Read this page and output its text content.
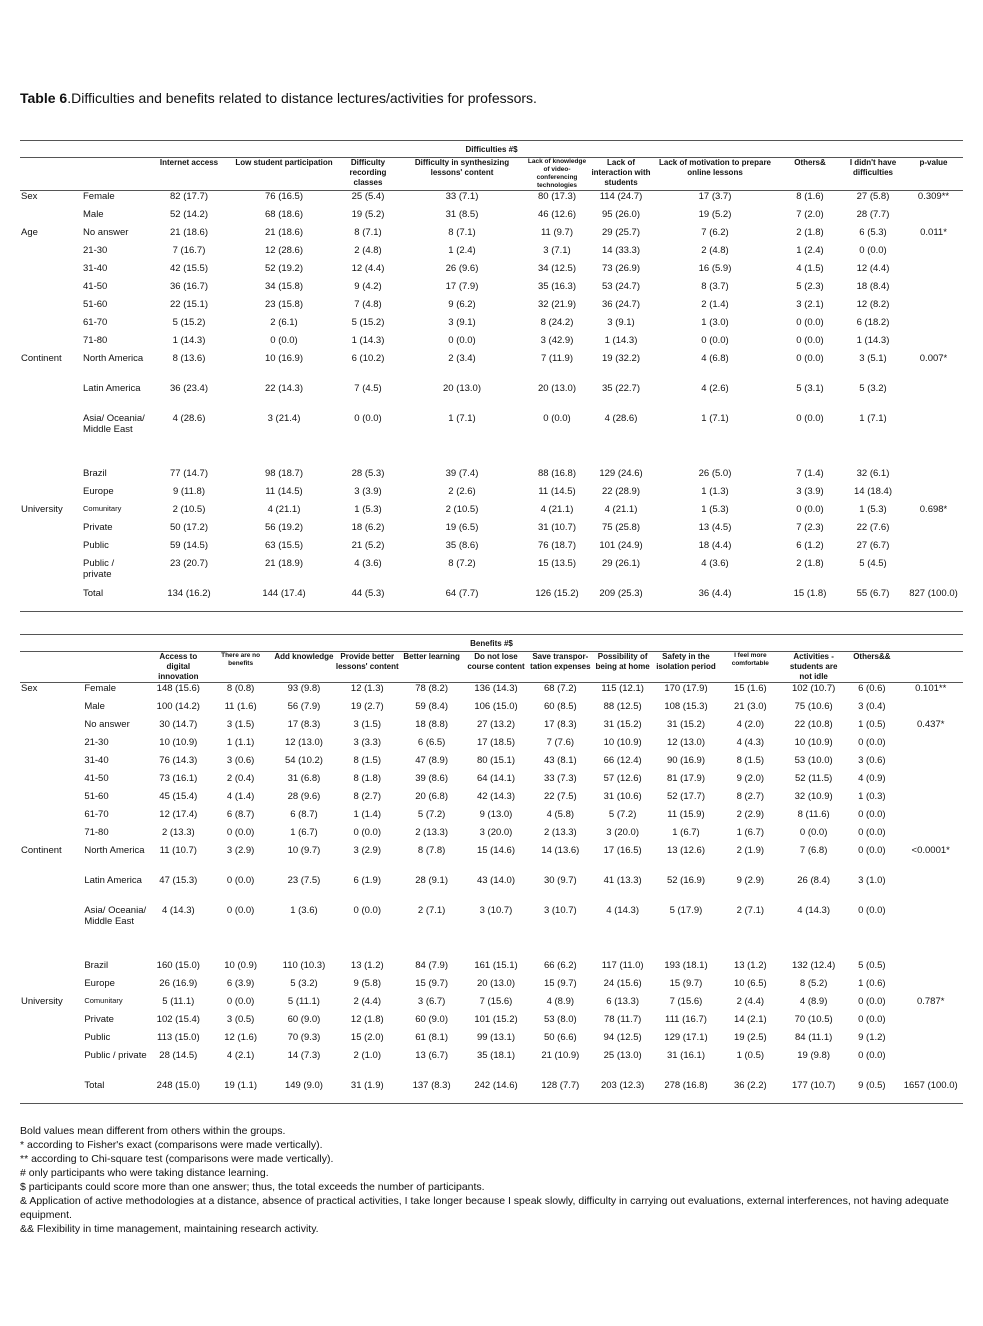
Table 6.Difficulties and benefits related to distance lectures/activities for professors.
Difficulties #$											
		Internet access	Low student participation	Difficulty recording classes	Difficulty in synthesizing lessons' content	Lack of knowledge of video-conferencing technologies	Lack of interaction with students	Lack of motivation to prepare online lessons	Others&	I didn't have difficulties	p-value
Sex	Female	82 (17.7)	76 (16.5)	25 (5.4)	33 (7.1)	80 (17.3)	114 (24.7)	17 (3.7)	8 (1.6)	27 (5.8)	0.309**
	Male	52 (14.2)	68 (18.6)	19 (5.2)	31 (8.5)	46 (12.6)	95 (26.0)	19 (5.2)	7 (2.0)	28 (7.7)	
Age	No answer	21 (18.6)	21 (18.6)	8 (7.1)	8 (7.1)	11 (9.7)	29 (25.7)	7 (6.2)	2 (1.8)	6 (5.3)	0.011*
	21-30	7 (16.7)	12 (28.6)	2 (4.8)	1 (2.4)	3 (7.1)	14 (33.3)	2 (4.8)	1 (2.4)	0 (0.0)	
	31-40	42 (15.5)	52 (19.2)	12 (4.4)	26 (9.6)	34 (12.5)	73 (26.9)	16 (5.9)	4 (1.5)	12 (4.4)	
	41-50	36 (16.7)	34 (15.8)	9 (4.2)	17 (7.9)	35 (16.3)	53 (24.7)	8 (3.7)	5 (2.3)	18 (8.4)	
	51-60	22 (15.1)	23 (15.8)	7 (4.8)	9 (6.2)	32 (21.9)	36 (24.7)	2 (1.4)	3 (2.1)	12 (8.2)	
	61-70	5 (15.2)	2 (6.1)	5 (15.2)	3 (9.1)	8 (24.2)	3 (9.1)	1 (3.0)	0 (0.0)	6 (18.2)	
	71-80	1 (14.3)	0 (0.0)	1 (14.3)	0 (0.0)	3 (42.9)	1 (14.3)	0 (0.0)	0 (0.0)	1 (14.3)	
Continent	North America	8 (13.6)	10 (16.9)	6 (10.2)	2 (3.4)	7 (11.9)	19 (32.2)	4 (6.8)	0 (0.0)	3 (5.1)	0.007*
	Latin America	36 (23.4)	22 (14.3)	7 (4.5)	20 (13.0)	20 (13.0)	35 (22.7)	4 (2.6)	5 (3.1)	5 (3.2)	
	Asia/ Oceania/ Middle East	4 (28.6)	3 (21.4)	0 (0.0)	1 (7.1)	0 (0.0)	4 (28.6)	1 (7.1)	0 (0.0)	1 (7.1)	
	Brazil	77 (14.7)	98 (18.7)	28 (5.3)	39 (7.4)	88 (16.8)	129 (24.6)	26 (5.0)	7 (1.4)	32 (6.1)	
	Europe	9 (11.8)	11 (14.5)	3 (3.9)	2 (2.6)	11 (14.5)	22 (28.9)	1 (1.3)	3 (3.9)	14 (18.4)	
University	Comunitary	2 (10.5)	4 (21.1)	1 (5.3)	2 (10.5)	4 (21.1)	4 (21.1)	1 (5.3)	0 (0.0)	1 (5.3)	0.698*
	Private	50 (17.2)	56 (19.2)	18 (6.2)	19 (6.5)	31 (10.7)	75 (25.8)	13 (4.5)	7 (2.3)	22 (7.6)	
	Public	59 (14.5)	63 (15.5)	21 (5.2)	35 (8.6)	76 (18.7)	101 (24.9)	18 (4.4)	6 (1.2)	27 (6.7)	
	Public / private	23 (20.7)	21 (18.9)	4 (3.6)	8 (7.2)	15 (13.5)	29 (26.1)	4 (3.6)	2 (1.8)	5 (4.5)	
	Total	134 (16.2)	144 (17.4)	44 (5.3)	64 (7.7)	126 (15.2)	209 (25.3)	36 (4.4)	15 (1.8)	55 (6.7)	827 (100.0)
Benefits #$														
		Access to digital innovation	There are no benefits	Add knowledge	Provide better lessons' content	Better learning	Do not lose course content	Save transpor-tation expenses	Possibility of being at home	Safety in the isolation period	I feel more comfortable	Activities - students are not idle	Others&&	
Sex	Female	148 (15.6)	8 (0.8)	93 (9.8)	12 (1.3)	78 (8.2)	136 (14.3)	68 (7.2)	115 (12.1)	170 (17.9)	15 (1.6)	102 (10.7)	6 (0.6)	0.101**
	Male	100 (14.2)	11 (1.6)	56 (7.9)	19 (2.7)	59 (8.4)	106 (15.0)	60 (8.5)	88 (12.5)	108 (15.3)	21 (3.0)	75 (10.6)	3 (0.4)	
	No answer	30 (14.7)	3 (1.5)	17 (8.3)	3 (1.5)	18 (8.8)	27 (13.2)	17 (8.3)	31 (15.2)	31 (15.2)	4 (2.0)	22 (10.8)	1 (0.5)	0.437*
	21-30	10 (10.9)	1 (1.1)	12 (13.0)	3 (3.3)	6 (6.5)	17 (18.5)	7 (7.6)	10 (10.9)	12 (13.0)	4 (4.3)	10 (10.9)	0 (0.0)	
	31-40	76 (14.3)	3 (0.6)	54 (10.2)	8 (1.5)	47 (8.9)	80 (15.1)	43 (8.1)	66 (12.4)	90 (16.9)	8 (1.5)	53 (10.0)	3 (0.6)	
	41-50	73 (16.1)	2 (0.4)	31 (6.8)	8 (1.8)	39 (8.6)	64 (14.1)	33 (7.3)	57 (12.6)	81 (17.9)	9 (2.0)	52 (11.5)	4 (0.9)	
	51-60	45 (15.4)	4 (1.4)	28 (9.6)	8 (2.7)	20 (6.8)	42 (14.3)	22 (7.5)	31 (10.6)	52 (17.7)	8 (2.7)	32 (10.9)	1 (0.3)	
	61-70	12 (17.4)	6 (8.7)	6 (8.7)	1 (1.4)	5 (7.2)	9 (13.0)	4 (5.8)	5 (7.2)	11 (15.9)	2 (2.9)	8 (11.6)	0 (0.0)	
	71-80	2 (13.3)	0 (0.0)	1 (6.7)	0 (0.0)	2 (13.3)	3 (20.0)	2 (13.3)	3 (20.0)	1 (6.7)	1 (6.7)	0 (0.0)	0 (0.0)	
Continent	North America	11 (10.7)	3 (2.9)	10 (9.7)	3 (2.9)	8 (7.8)	15 (14.6)	14 (13.6)	17 (16.5)	13 (12.6)	2 (1.9)	7 (6.8)	0 (0.0)	<0.0001*
	Latin America	47 (15.3)	0 (0.0)	23 (7.5)	6 (1.9)	28 (9.1)	43 (14.0)	30 (9.7)	41 (13.3)	52 (16.9)	9 (2.9)	26 (8.4)	3 (1.0)	
	Asia/ Oceania/ Middle East	4 (14.3)	0 (0.0)	1 (3.6)	0 (0.0)	2 (7.1)	3 (10.7)	3 (10.7)	4 (14.3)	5 (17.9)	2 (7.1)	4 (14.3)	0 (0.0)	
	Brazil	160 (15.0)	10 (0.9)	110 (10.3)	13 (1.2)	84 (7.9)	161 (15.1)	66 (6.2)	117 (11.0)	193 (18.1)	13 (1.2)	132 (12.4)	5 (0.5)	
	Europe	26 (16.9)	6 (3.9)	5 (3.2)	9 (5.8)	15 (9.7)	20 (13.0)	15 (9.7)	24 (15.6)	15 (9.7)	10 (6.5)	8 (5.2)	1 (0.6)	
University	Comunitary	5 (11.1)	0 (0.0)	5 (11.1)	2 (4.4)	3 (6.7)	7 (15.6)	4 (8.9)	6 (13.3)	7 (15.6)	2 (4.4)	4 (8.9)	0 (0.0)	0.787*
	Private	102 (15.4)	3 (0.5)	60 (9.0)	12 (1.8)	60 (9.0)	101 (15.2)	53 (8.0)	78 (11.7)	111 (16.7)	14 (2.1)	70 (10.5)	0 (0.0)	
	Public	113 (15.0)	12 (1.6)	70 (9.3)	15 (2.0)	61 (8.1)	99 (13.1)	50 (6.6)	94 (12.5)	129 (17.1)	19 (2.5)	84 (11.1)	9 (1.2)	
	Public / private	28 (14.5)	4 (2.1)	14 (7.3)	2 (1.0)	13 (6.7)	35 (18.1)	21 (10.9)	25 (13.0)	31 (16.1)	1 (0.5)	19 (9.8)	0 (0.0)	
	Total	248 (15.0)	19 (1.1)	149 (9.0)	31 (1.9)	137 (8.3)	242 (14.6)	128 (7.7)	203 (12.3)	278 (16.8)	36 (2.2)	177 (10.7)	9 (0.5)	1657 (100.0)
Bold values mean different from others within the groups.
* according to Fisher's exact (comparisons were made vertically).
** according to Chi-square test (comparisons were made vertically).
# only participants who were taking distance learning.
$ participants could score more than one answer; thus, the total exceeds the number of participants.
& Application of active methodologies at a distance, absence of practical activities, I take longer because I speak slowly, difficulty in carrying out evaluations, external interferences, not having adequate equipment.
&& Flexibility in time management, maintaining research activity.
